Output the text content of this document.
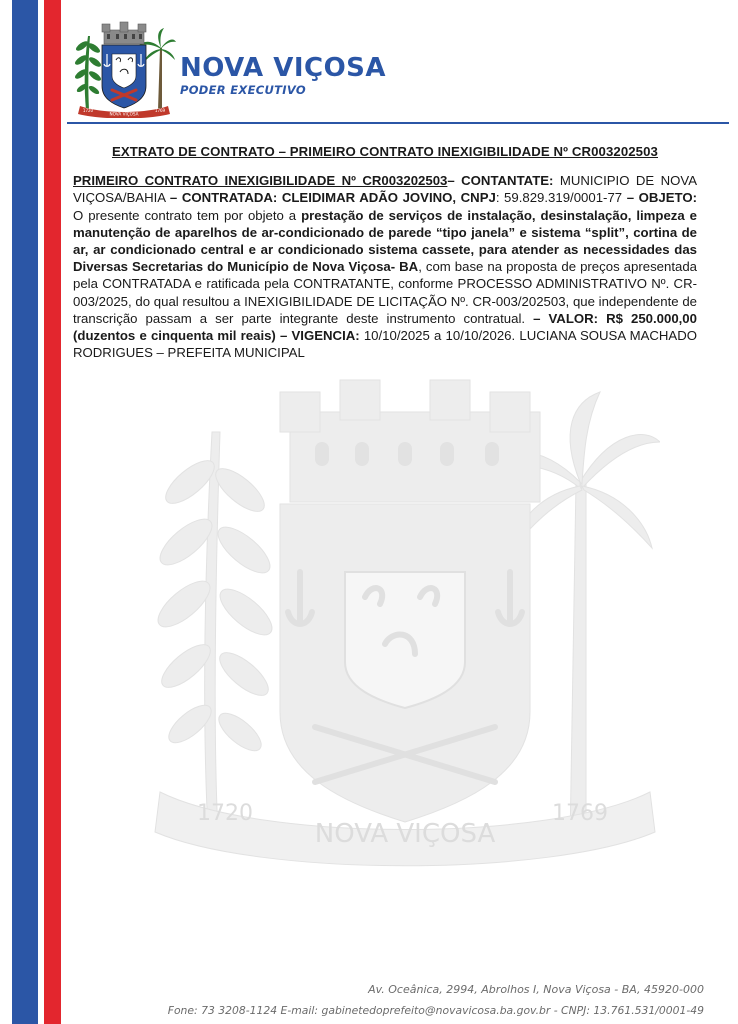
NOVA VIÇOSA
1720	1769
NOVA VIÇOSA
PODER EXECUTIVO
NOVA VIÇOSA
1720	1769
EXTRATO DE CONTRATO – PRIMEIRO CONTRATO INEXIGIBILIDADE Nº CR003202503

PRIMEIRO CONTRATO INEXIGIBILIDADE Nº CR003202503– CONTANTATE: MUNICIPIO DE NOVA VIÇOSA/BAHIA – CONTRATADA: CLEIDIMAR ADÃO JOVINO, CNPJ: 59.829.319/0001-77 – OBJETO: O presente contrato tem por objeto a prestação de serviços de instalação, desinstalação, limpeza e manutenção de aparelhos de ar-condicionado de parede “tipo janela” e sistema “split”, cortina de ar, ar condicionado central e ar condicionado sistema cassete, para atender as necessidades das Diversas Secretarias do Município de Nova Viçosa- BA, com base na proposta de preços apresentada pela CONTRATADA e ratificada pela CONTRATANTE, conforme PROCESSO ADMINISTRATIVO Nº. CR-003/2025, do qual resultou a INEXIGIBILIDADE DE LICITAÇÃO Nº. CR-003/202503, que independente de transcrição passam a ser parte integrante deste instrumento contratual. – VALOR: R$ 250.000,00 (duzentos e cinquenta mil reais) – VIGENCIA: 10/10/2025 a 10/10/2026. LUCIANA SOUSA MACHADO RODRIGUES – PREFEITA MUNICIPAL

Av. Oceânica, 2994, Abrolhos I, Nova Viçosa - BA, 45920-000
Fone: 73 3208-1124 E-mail: gabinetedoprefeito@novavicosa.ba.gov.br - CNPJ: 13.761.531/0001-49
